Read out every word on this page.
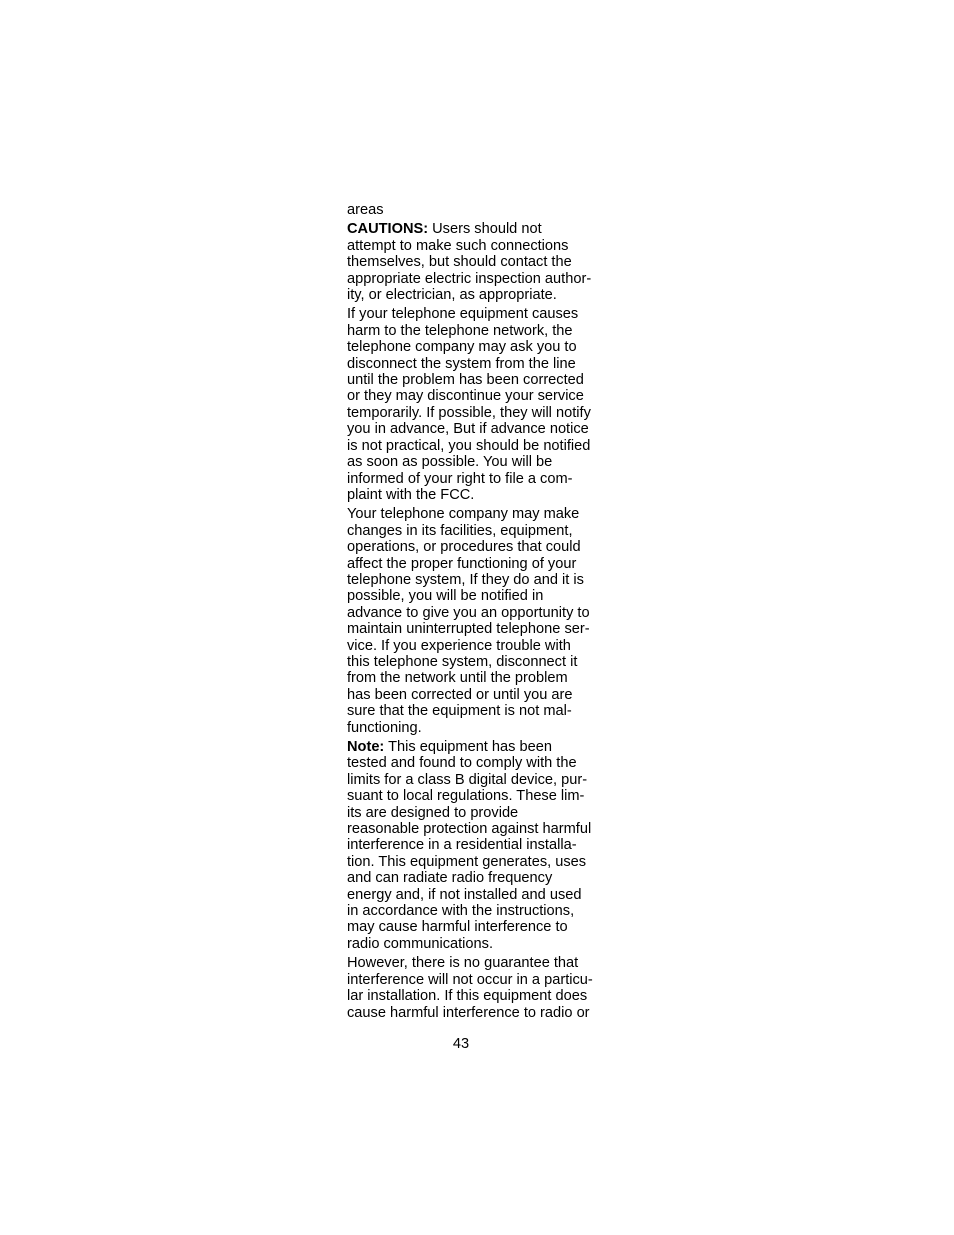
areas
CAUTIONS: Users should not
attempt to make such connections
themselves, but should contact the
appropriate electric inspection author-
ity, or electrician, as appropriate.
If your telephone equipment causes
harm to the telephone network, the
telephone company may ask you to
disconnect the system from the line
until the problem has been corrected
or they may discontinue your service
temporarily. If possible, they will notify
you in advance, But if advance notice
is not practical, you should be notified
as soon as possible. You will be
informed of your right to file a com-
plaint with the FCC.
Your telephone company may make
changes in its facilities, equipment,
operations, or procedures that could
affect the proper functioning of your
telephone system, If they do and it is
possible, you will be notified in
advance to give you an opportunity to
maintain uninterrupted telephone ser-
vice. If you experience trouble with
this telephone system, disconnect it
from the network until the problem
has been corrected or until you are
sure that the equipment is not mal-
functioning.
Note: This equipment has been
tested and found to comply with the
limits for a class B digital device, pur-
suant to local regulations. These lim-
its are designed to provide
reasonable protection against harmful
interference in a residential installa-
tion. This equipment generates, uses
and can radiate radio frequency
energy and, if not installed and used
in accordance with the instructions,
may cause harmful interference to
radio communications.
However, there is no guarantee that
interference will not occur in a particu-
lar installation. If this equipment does
cause harmful interference to radio or
43
